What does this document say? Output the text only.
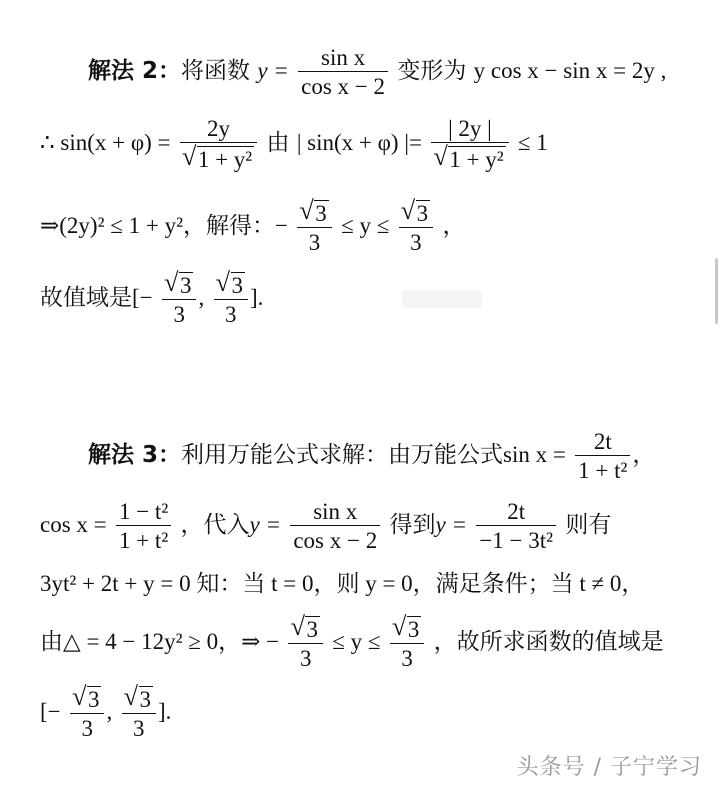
解法 2：将函数 $y = \frac{\text{sin x}}{\text{cos x − 2}}$ 变形为 y cos x − sin x = 2y ,
∴ sin(x + φ) = 2y
√ 1 + y² 由 | sin(x + φ) |= | 2y |
√ 1 + y² ≤ 1
⇒(2y)² ≤ 1 + y²，解得：− √ $\frac{3}{3} \le y$ ≤ √ $\frac{3}{3}$ ，
故值域是[− √ $\frac{3}{3}$ , √ $\frac{3}{3}$ ].
解法 3：利用万能公式求解：由万能公式$\sin x = \frac{2t}{\text{1 + t²}}$ ，
$\cos x = \frac{\text{1 − t²}}{\text{1 + t²}}$ ，代入$y = \frac{\text{sin x}}{\text{cos x − 2}}$ 得到$y = \frac{2t}{\text{−1 − 3t²}}$ 则有
3yt² + 2t + y = 0 知：当 t = 0，则 y = 0，满足条件；当 t ≠ 0，
由△ = 4 − 12y² ≥ 0，⇒ − √ $\frac{3}{3} \le y$ ≤ √ $\frac{3}{3}$ ，故所求函数的值域是
[− √ $\frac{3}{3}$ , √ $\frac{3}{3}$ ].
头条号 / 子宁学习
